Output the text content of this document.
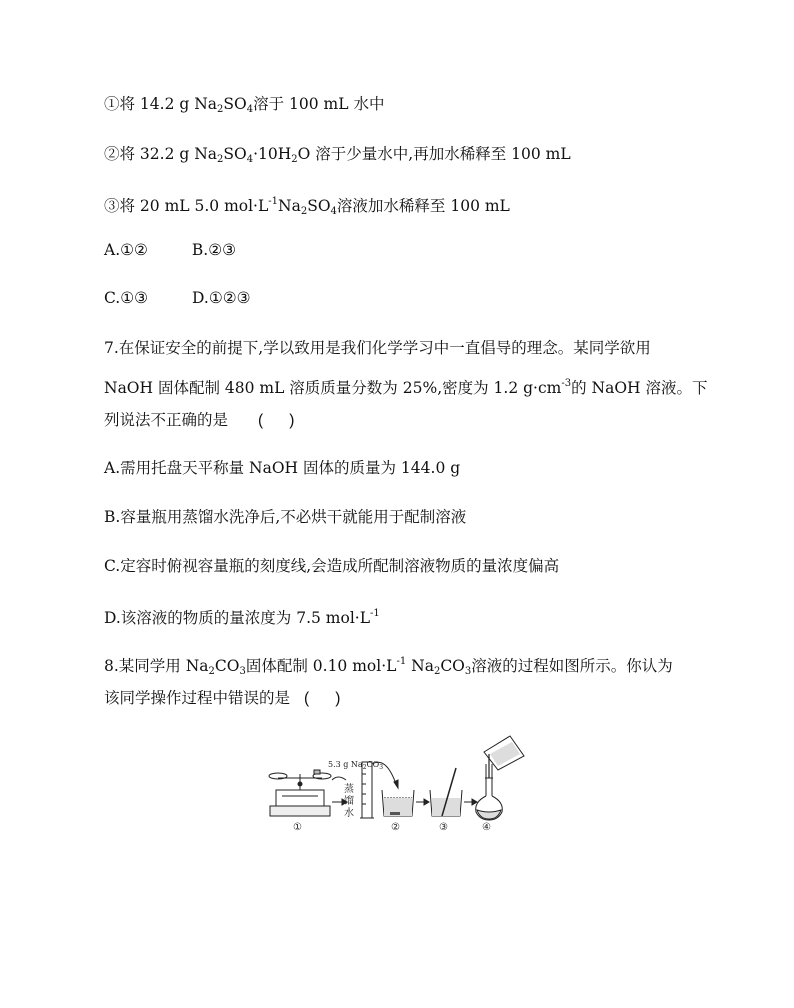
①将 14.2 g $Na_2SO_4$溶于 100 mL 水中
②将 32.2 g $Na_2SO_4\cdot 10H_2O$ 溶于少量水中,再加水稀释至 100 mL
③将 20 mL 5.0 $mol\cdot L^{-1}Na_2SO_4$溶液加水稀释至 100 mL
A.①②	B.②③
C.①③	D.①②③
7.在保证安全的前提下,学以致用是我们化学学习中一直倡导的理念。某同学欲用
NaOH 固体配制 480 mL 溶质质量分数为 25%,密度为 1.2 $g\cdot cm^{-3}$的 NaOH 溶液。下
列说法不正确的是 ( )
A.需用托盘天平称量 NaOH 固体的质量为 144.0 g
B.容量瓶用蒸馏水洗净后,不必烘干就能用于配制溶液
C.定容时俯视容量瓶的刻度线,会造成所配制溶液物质的量浓度偏高
D.该溶液的物质的量浓度为 7.5 $mol\cdot L^{-1}$
8.某同学用 $Na_2CO_3$固体配制 0.10 $mol\cdot L^{-1}$ $Na_2CO_3$溶液的过程如图所示。你认为
该同学操作过程中错误的是 ( )
①
5.3 g $Na_2CO_3$
蒸
馏
水
②	③	④
